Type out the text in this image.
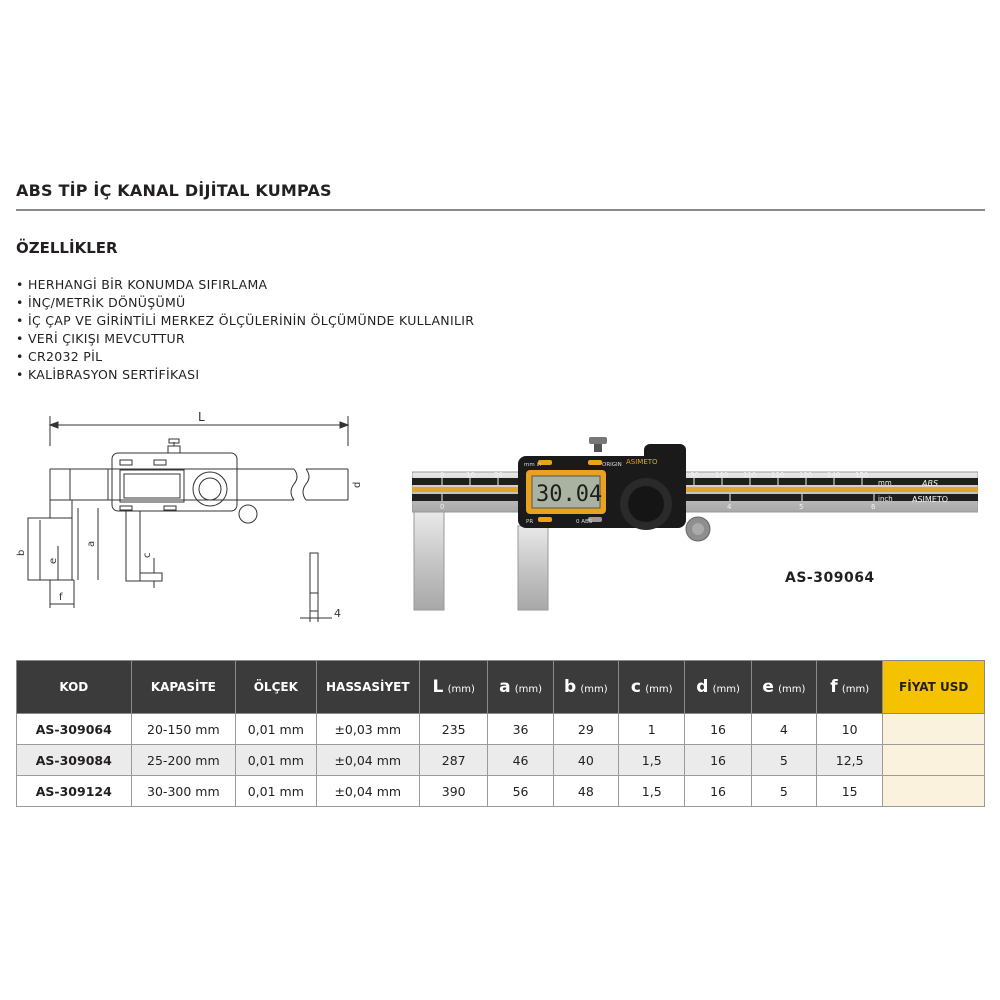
ABS TİP İÇ KANAL DİJİTAL KUMPAS
ÖZELLİKLER
• HERHANGİ BİR KONUMDA SIFIRLAMA
• İNÇ/METRİK DÖNÜŞÜMÜ
• İÇ ÇAP VE GİRİNTİLİ MERKEZ ÖLÇÜLERİNİN ÖLÇÜMÜNDE KULLANILIR
• VERİ ÇIKIŞI MEVCUTTUR
• CR2032 PİL
• KALİBRASYON SERTİFİKASI
L
b
e
a
c
d
f
4
0	10	20	90 100 110 120 130 140 150
mm
0	4	5	6
inch
ABS
ASIMETO
30.04
mm in	ORIGIN
PR	0 ABS
ASIMETO
AS-309064
KOD	KAPASİTE	ÖLÇEK	HASSASİYET	L (mm)	a (mm)	b (mm)	c (mm)	d (mm)	e (mm)	f (mm)	FİYAT USD
AS-309064	20-150 mm	0,01 mm	±0,03 mm	235	36	29	1	16	4	10	
AS-309084	25-200 mm	0,01 mm	±0,04 mm	287	46	40	1,5	16	5	12,5	
AS-309124	30-300 mm	0,01 mm	±0,04 mm	390	56	48	1,5	16	5	15	
